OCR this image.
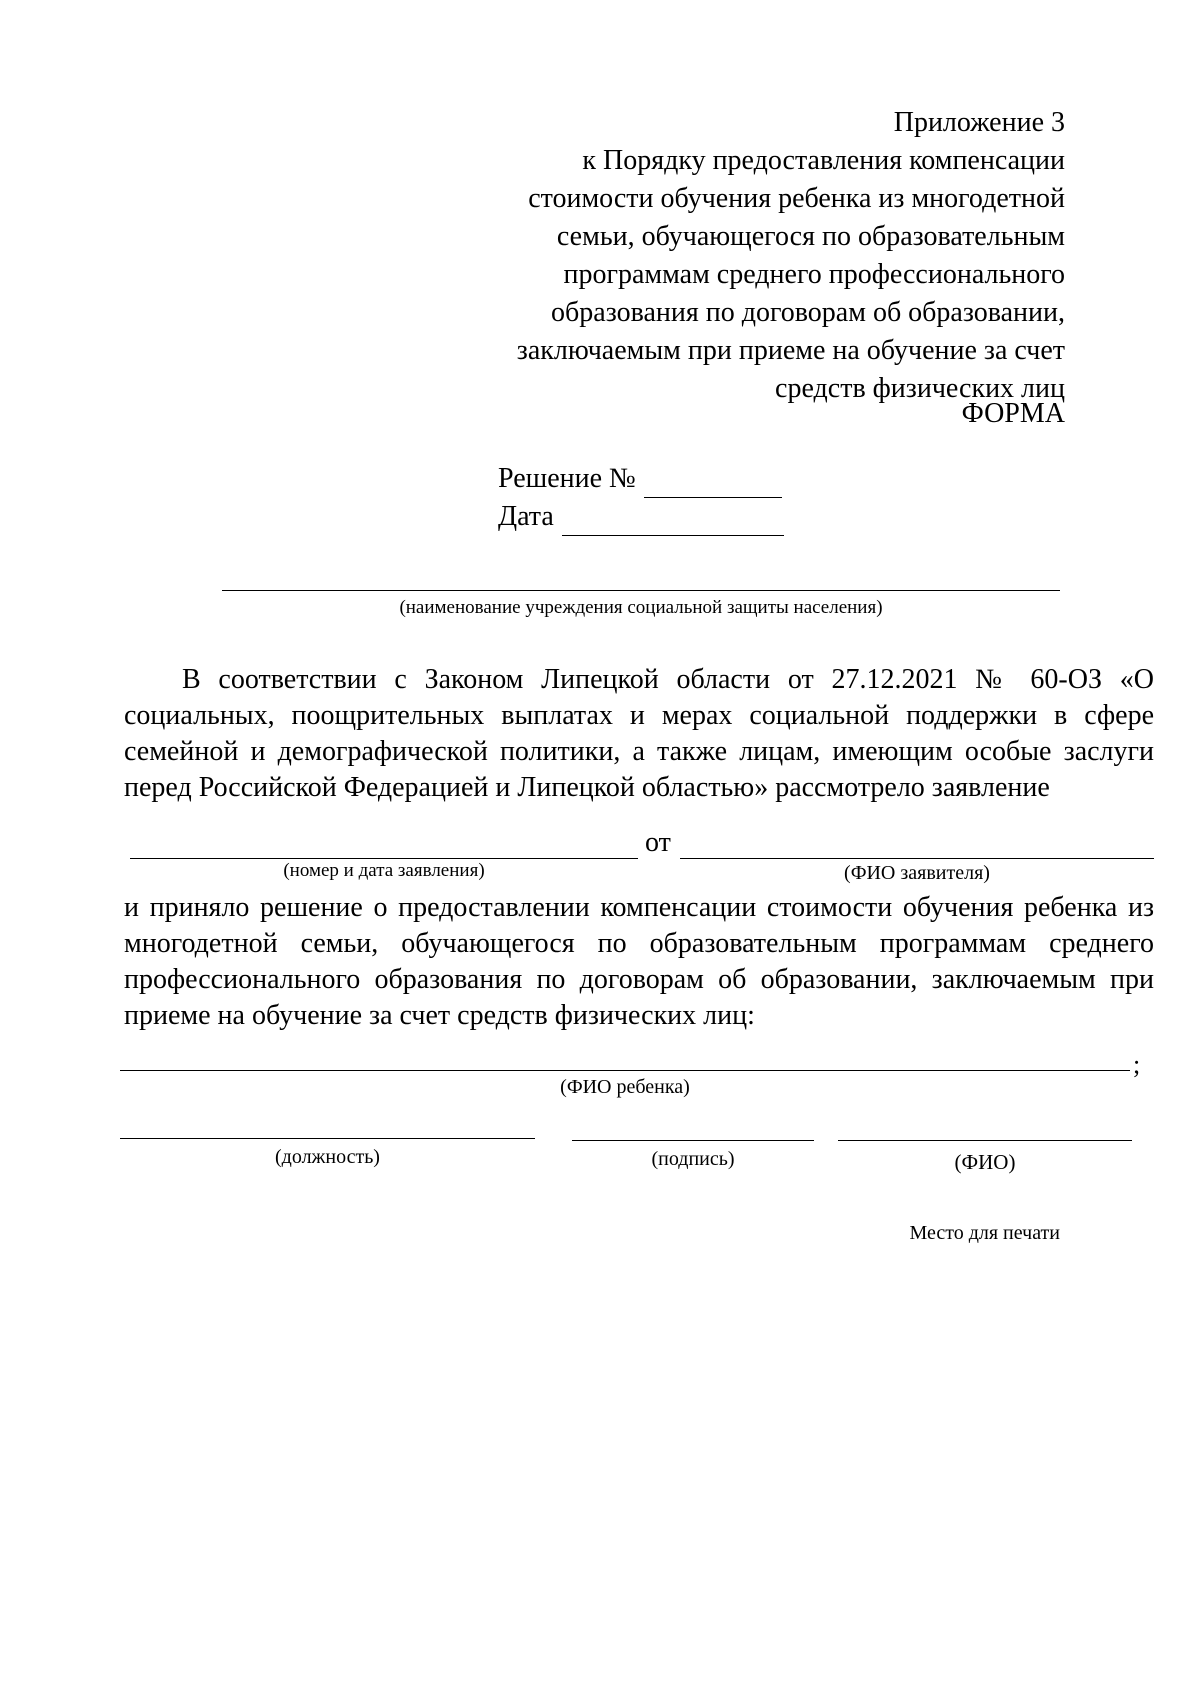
Приложение 3
к Порядку предоставления компенсации
стоимости обучения ребенка из многодетной
семьи, обучающегося по образовательным
программам среднего профессионального
образования по договорам об образовании,
заключаемым при приеме на обучение за счет
средств физических лиц
ФОРМА
Решение №
Дата
(наименование учреждения социальной защиты населения)
В соответствии с Законом Липецкой области от 27.12.2021 № 60-ОЗ «О
социальных, поощрительных выплатах и мерах социальной поддержки в сфере
семейной и демографической политики, а также лицам, имеющим особые заслуги
перед Российской Федерацией и Липецкой областью» рассмотрело заявление
от
(номер и дата заявления)	(ФИО заявителя)
и приняло решение о предоставлении компенсации стоимости обучения ребенка из
многодетной семьи, обучающегося по образовательным программам среднего
профессионального образования по договорам об образовании, заключаемым при
приеме на обучение за счет средств физических лиц:
;
(ФИО ребенка)
(должность)	(подпись)	(ФИО)
Место для печати
